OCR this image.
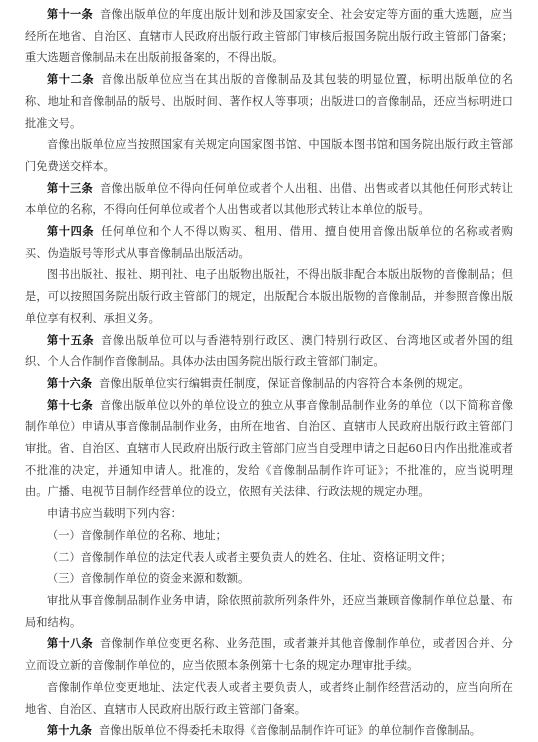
第十一条 音像出版单位的年度出版计划和涉及国家安全、社会安定等方面的重大选题，应当经所在地省、自治区、直辖市人民政府出版行政主管部门审核后报国务院出版行政主管部门备案；重大选题音像制品未在出版前报备案的，不得出版。

第十二条 音像出版单位应当在其出版的音像制品及其包装的明显位置，标明出版单位的名称、地址和音像制品的版号、出版时间、著作权人等事项；出版进口的音像制品，还应当标明进口批准文号。

音像出版单位应当按照国家有关规定向国家图书馆、中国版本图书馆和国务院出版行政主管部门免费送交样本。

第十三条 音像出版单位不得向任何单位或者个人出租、出借、出售或者以其他任何形式转让本单位的名称，不得向任何单位或者个人出售或者以其他形式转让本单位的版号。

第十四条 任何单位和个人不得以购买、租用、借用、擅自使用音像出版单位的名称或者购买、伪造版号等形式从事音像制品出版活动。

图书出版社、报社、期刊社、电子出版物出版社，不得出版非配合本版出版物的音像制品；但是，可以按照国务院出版行政主管部门的规定，出版配合本版出版物的音像制品，并参照音像出版单位享有权利、承担义务。

第十五条 音像出版单位可以与香港特别行政区、澳门特别行政区、台湾地区或者外国的组织、个人合作制作音像制品。具体办法由国务院出版行政主管部门制定。

第十六条 音像出版单位实行编辑责任制度，保证音像制品的内容符合本条例的规定。

第十七条 音像出版单位以外的单位设立的独立从事音像制品制作业务的单位（以下简称音像制作单位）申请从事音像制品制作业务，由所在地省、自治区、直辖市人民政府出版行政主管部门审批。省、自治区、直辖市人民政府出版行政主管部门应当自受理申请之日起60日内作出批准或者不批准的决定，并通知申请人。批准的，发给《音像制品制作许可证》；不批准的，应当说明理由。广播、电视节目制作经营单位的设立，依照有关法律、行政法规的规定办理。

申请书应当载明下列内容：

（一）音像制作单位的名称、地址；

（二）音像制作单位的法定代表人或者主要负责人的姓名、住址、资格证明文件；

（三）音像制作单位的资金来源和数额。

审批从事音像制品制作业务申请，除依照前款所列条件外，还应当兼顾音像制作单位总量、布局和结构。

第十八条 音像制作单位变更名称、业务范围，或者兼并其他音像制作单位，或者因合并、分立而设立新的音像制作单位的，应当依照本条例第十七条的规定办理审批手续。

音像制作单位变更地址、法定代表人或者主要负责人，或者终止制作经营活动的，应当向所在地省、自治区、直辖市人民政府出版行政主管部门备案。

第十九条 音像出版单位不得委托未取得《音像制品制作许可证》的单位制作音像制品。
